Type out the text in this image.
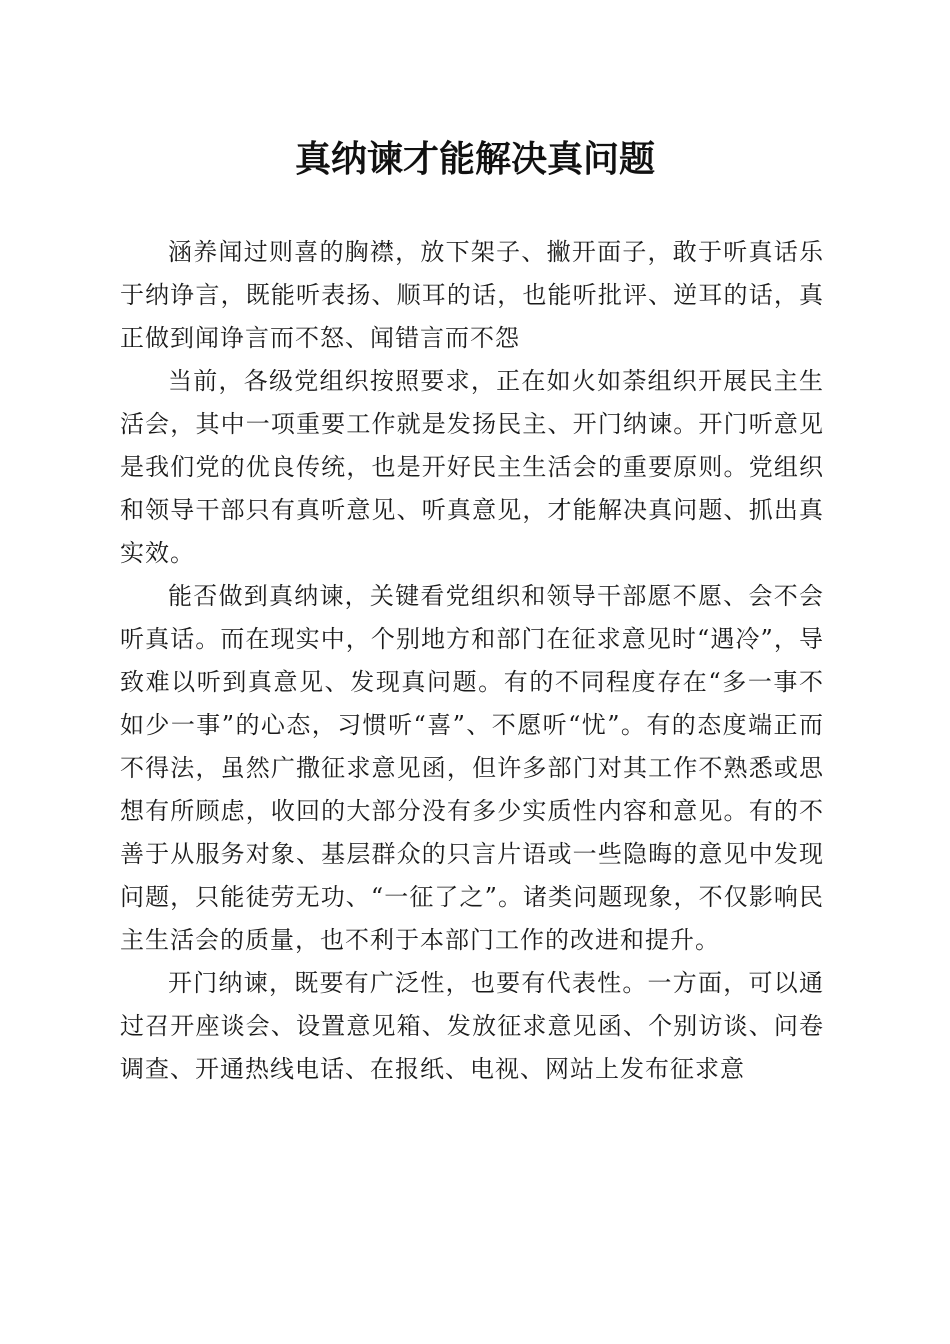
真纳谏才能解决真问题

涵养闻过则喜的胸襟，放下架子、撇开面子，敢于听真话乐于纳诤言，既能听表扬、顺耳的话，也能听批评、逆耳的话，真正做到闻诤言而不怒、闻错言而不怨

当前，各级党组织按照要求，正在如火如荼组织开展民主生活会，其中一项重要工作就是发扬民主、开门纳谏。开门听意见是我们党的优良传统，也是开好民主生活会的重要原则。党组织和领导干部只有真听意见、听真意见，才能解决真问题、抓出真实效。

能否做到真纳谏，关键看党组织和领导干部愿不愿、会不会听真话。而在现实中，个别地方和部门在征求意见时“遇冷”，导致难以听到真意见、发现真问题。有的不同程度存在“多一事不如少一事”的心态，习惯听“喜”、不愿听“忧”。有的态度端正而不得法，虽然广撒征求意见函，但许多部门对其工作不熟悉或思想有所顾虑，收回的大部分没有多少实质性内容和意见。有的不善于从服务对象、基层群众的只言片语或一些隐晦的意见中发现问题，只能徒劳无功、“一征了之”。诸类问题现象，不仅影响民主生活会的质量，也不利于本部门工作的改进和提升。

开门纳谏，既要有广泛性，也要有代表性。一方面，可以通过召开座谈会、设置意见箱、发放征求意见函、个别访谈、问卷调查、开通热线电话、在报纸、电视、网站上发布征求意
